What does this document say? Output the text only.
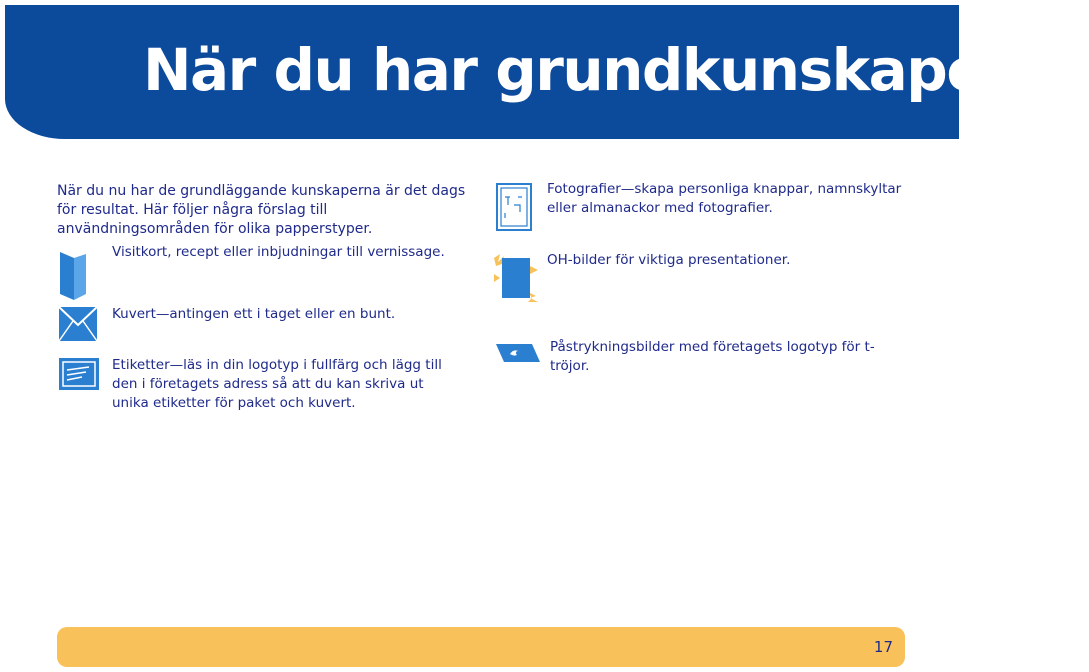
När du har grundkunskaperna

När du nu har de grundläggande kunskaperna är det dags för resultat. Här följer några förslag till användningsområden för olika papperstyper.

Visitkort, recept eller inbjudningar till vernissage.

Kuvert—antingen ett i taget eller en bunt.

Etiketter—läs in din logotyp i fullfärg och lägg till den i företagets adress så att du kan skriva ut unika etiketter för paket och kuvert.

Fotografier—skapa personliga knappar, namnskyltar eller almanackor med fotografier.

OH-bilder för viktiga presentationer.

Påstrykningsbilder med företagets logotyp för t-tröjor.

17
